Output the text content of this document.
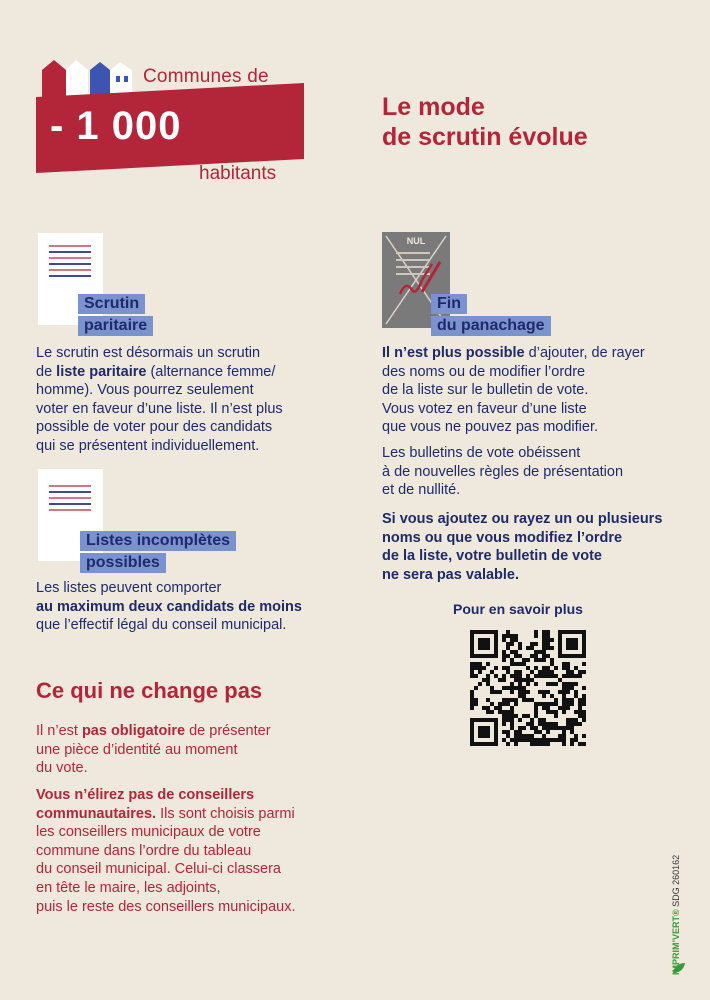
Communes de
- 1 000
habitants
Le mode
de scrutin évolue
Scrutin
paritaire
Le scrutin est désormais un scrutin
de liste paritaire (alternance femme/
homme). Vous pourrez seulement
voter en faveur d’une liste. Il n’est plus
possible de voter pour des candidats
qui se présentent individuellement.
Listes incomplètes
possibles
Les listes peuvent comporter
au maximum deux candidats de moins
que l’effectif légal du conseil municipal.
Ce qui ne change pas
Il n’est pas obligatoire de présenter
une pièce d’identité au moment
du vote.
Vous n’élirez pas de conseillers
communautaires. Ils sont choisis parmi
les conseillers municipaux de votre
commune dans l’ordre du tableau
du conseil municipal. Celui-ci classera
en tête le maire, les adjoints,
puis le reste des conseillers municipaux.
NUL
Fin
du panachage
Il n’est plus possible d’ajouter, de rayer
des noms ou de modifier l’ordre
de la liste sur le bulletin de vote.
Vous votez en faveur d’une liste
que vous ne pouvez pas modifier.
Les bulletins de vote obéissent
à de nouvelles règles de présentation
et de nullité.
Si vous ajoutez ou rayez un ou plusieurs
noms ou que vous modifiez l’ordre
de la liste, votre bulletin de vote
ne sera pas valable.
Pour en savoir plus
IMPRIM’VERT® SDG 260162
